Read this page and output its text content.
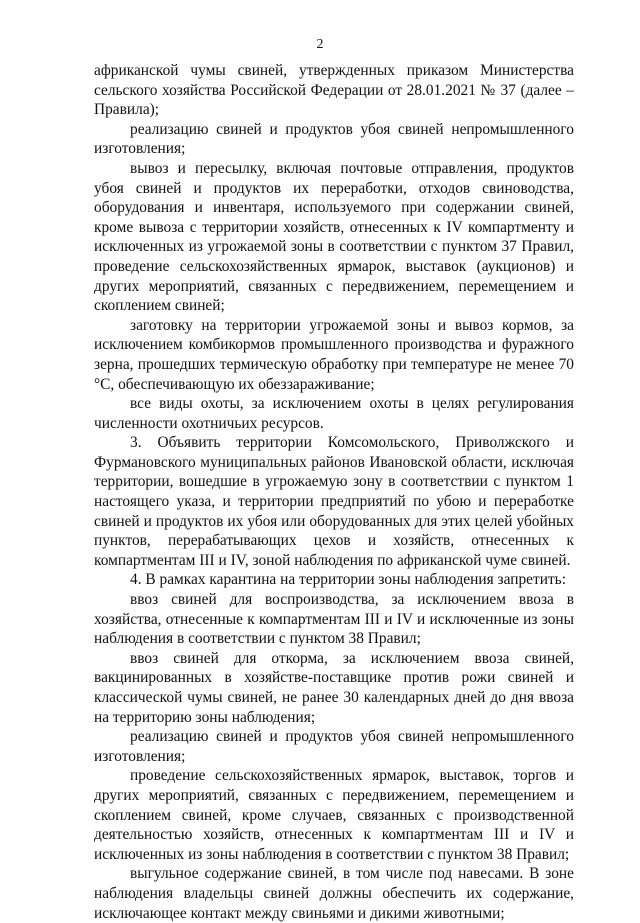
2

африканской чумы свиней, утвержденных приказом Министерства сельского хозяйства Российской Федерации от 28.01.2021 № 37 (далее – Правила);

реализацию свиней и продуктов убоя свиней непромышленного изготовления;

вывоз и пересылку, включая почтовые отправления, продуктов убоя свиней и продуктов их переработки, отходов свиноводства, оборудования и инвентаря, используемого при содержании свиней, кроме вывоза с территории хозяйств, отнесенных к IV компартменту и исключенных из угрожаемой зоны в соответствии с пунктом 37 Правил, проведение сельскохозяйственных ярмарок, выставок (аукционов) и других мероприятий, связанных с передвижением, перемещением и скоплением свиней;

заготовку на территории угрожаемой зоны и вывоз кормов, за исключением комбикормов промышленного производства и фуражного зерна, прошедших термическую обработку при температуре не менее 70 °С, обеспечивающую их обеззараживание;

все виды охоты, за исключением охоты в целях регулирования численности охотничьих ресурсов.

3. Объявить территории Комсомольского, Приволжского и Фурмановского муниципальных районов Ивановской области, исключая территории, вошедшие в угрожаемую зону в соответствии с пунктом 1 настоящего указа, и территории предприятий по убою и переработке свиней и продуктов их убоя или оборудованных для этих целей убойных пунктов, перерабатывающих цехов и хозяйств, отнесенных к компартментам III и IV, зоной наблюдения по африканской чуме свиней.

4. В рамках карантина на территории зоны наблюдения запретить:

ввоз свиней для воспроизводства, за исключением ввоза в хозяйства, отнесенные к компартментам III и IV и исключенные из зоны наблюдения в соответствии с пунктом 38 Правил;

ввоз свиней для откорма, за исключением ввоза свиней, вакцинированных в хозяйстве-поставщике против рожи свиней и классической чумы свиней, не ранее 30 календарных дней до дня ввоза на территорию зоны наблюдения;

реализацию свиней и продуктов убоя свиней непромышленного изготовления;

проведение сельскохозяйственных ярмарок, выставок, торгов и других мероприятий, связанных с передвижением, перемещением и скоплением свиней, кроме случаев, связанных с производственной деятельностью хозяйств, отнесенных к компартментам III и IV и исключенных из зоны наблюдения в соответствии с пунктом 38 Правил;

выгульное содержание свиней, в том числе под навесами. В зоне наблюдения владельцы свиней должны обеспечить их содержание, исключающее контакт между свиньями и дикими животными;
